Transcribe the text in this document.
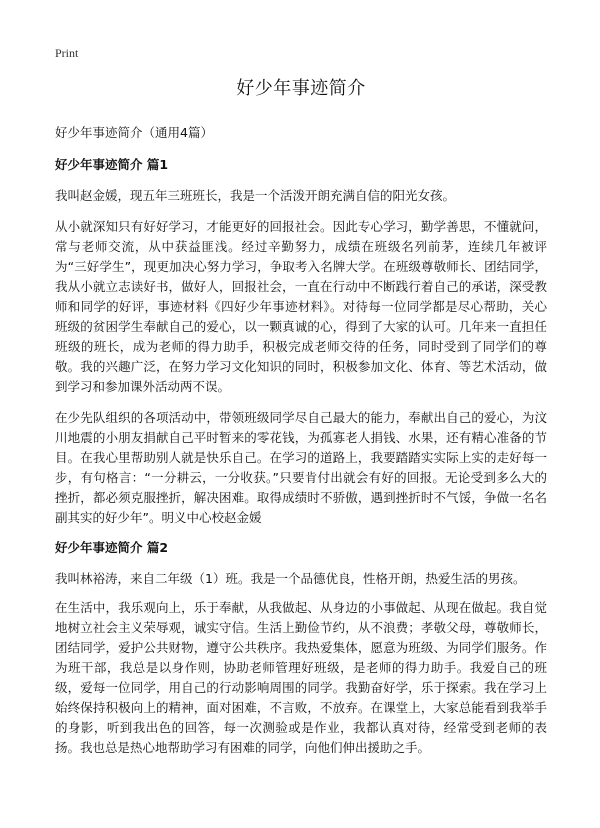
Print
好少年事迹简介
好少年事迹简介（通用4篇）
好少年事迹简介 篇1

我叫赵金媛，现五年三班班长，我是一个活泼开朗充满自信的阳光女孩。

从小就深知只有好好学习，才能更好的回报社会。因此专心学习，勤学善思，不懂就问，常与老师交流，从中获益匪浅。经过辛勤努力，成绩在班级名列前茅，连续几年被评为“三好学生”，现更加决心努力学习，争取考入名牌大学。在班级尊敬师长、团结同学，我从小就立志读好书，做好人，回报社会，一直在行动中不断践行着自己的承诺，深受教师和同学的好评，事迹材料《四好少年事迹材料》。对待每一位同学都是尽心帮助，关心班级的贫困学生奉献自己的爱心，以一颗真诚的心，得到了大家的认可。几年来一直担任班级的班长，成为老师的得力助手，积极完成老师交待的任务，同时受到了同学们的尊敬。我的兴趣广泛，在努力学习文化知识的同时，积极参加文化、体育、等艺术活动，做到学习和参加课外活动两不误。

在少先队组织的各项活动中，带领班级同学尽自己最大的能力，奉献出自己的爱心，为汶川地震的小朋友捐献自己平时暂来的零花钱，为孤寡老人捐钱、水果，还有精心准备的节目。在我心里帮助别人就是快乐自己。在学习的道路上，我要踏踏实实际上实的走好每一步，有句格言：“一分耕云，一分收获。”只要肯付出就会有好的回报。无论受到多么大的挫折，都必须克服挫折，解决困难。取得成绩时不骄傲，遇到挫折时不气馁，争做一名名副其实的好少年”。明义中心校赵金媛

好少年事迹简介 篇2

我叫林裕涛，来自二年级（1）班。我是一个品德优良，性格开朗，热爱生活的男孩。

在生活中，我乐观向上，乐于奉献，从我做起、从身边的小事做起、从现在做起。我自觉地树立社会主义荣辱观，诚实守信。生活上勤俭节约，从不浪费；孝敬父母，尊敬师长，团结同学，爱护公共财物，遵守公共秩序。我热爱集体，愿意为班级、为同学们服务。作为班干部，我总是以身作则，协助老师管理好班级，是老师的得力助手。我爱自己的班级，爱每一位同学，用自己的行动影响周围的同学。我勤奋好学，乐于探索。我在学习上始终保持积极向上的精神，面对困难，不言败，不放弃。在课堂上，大家总能看到我举手的身影，听到我出色的回答，每一次测验或是作业，我都认真对待，经常受到老师的表扬。我也总是热心地帮助学习有困难的同学，向他们伸出援助之手。
